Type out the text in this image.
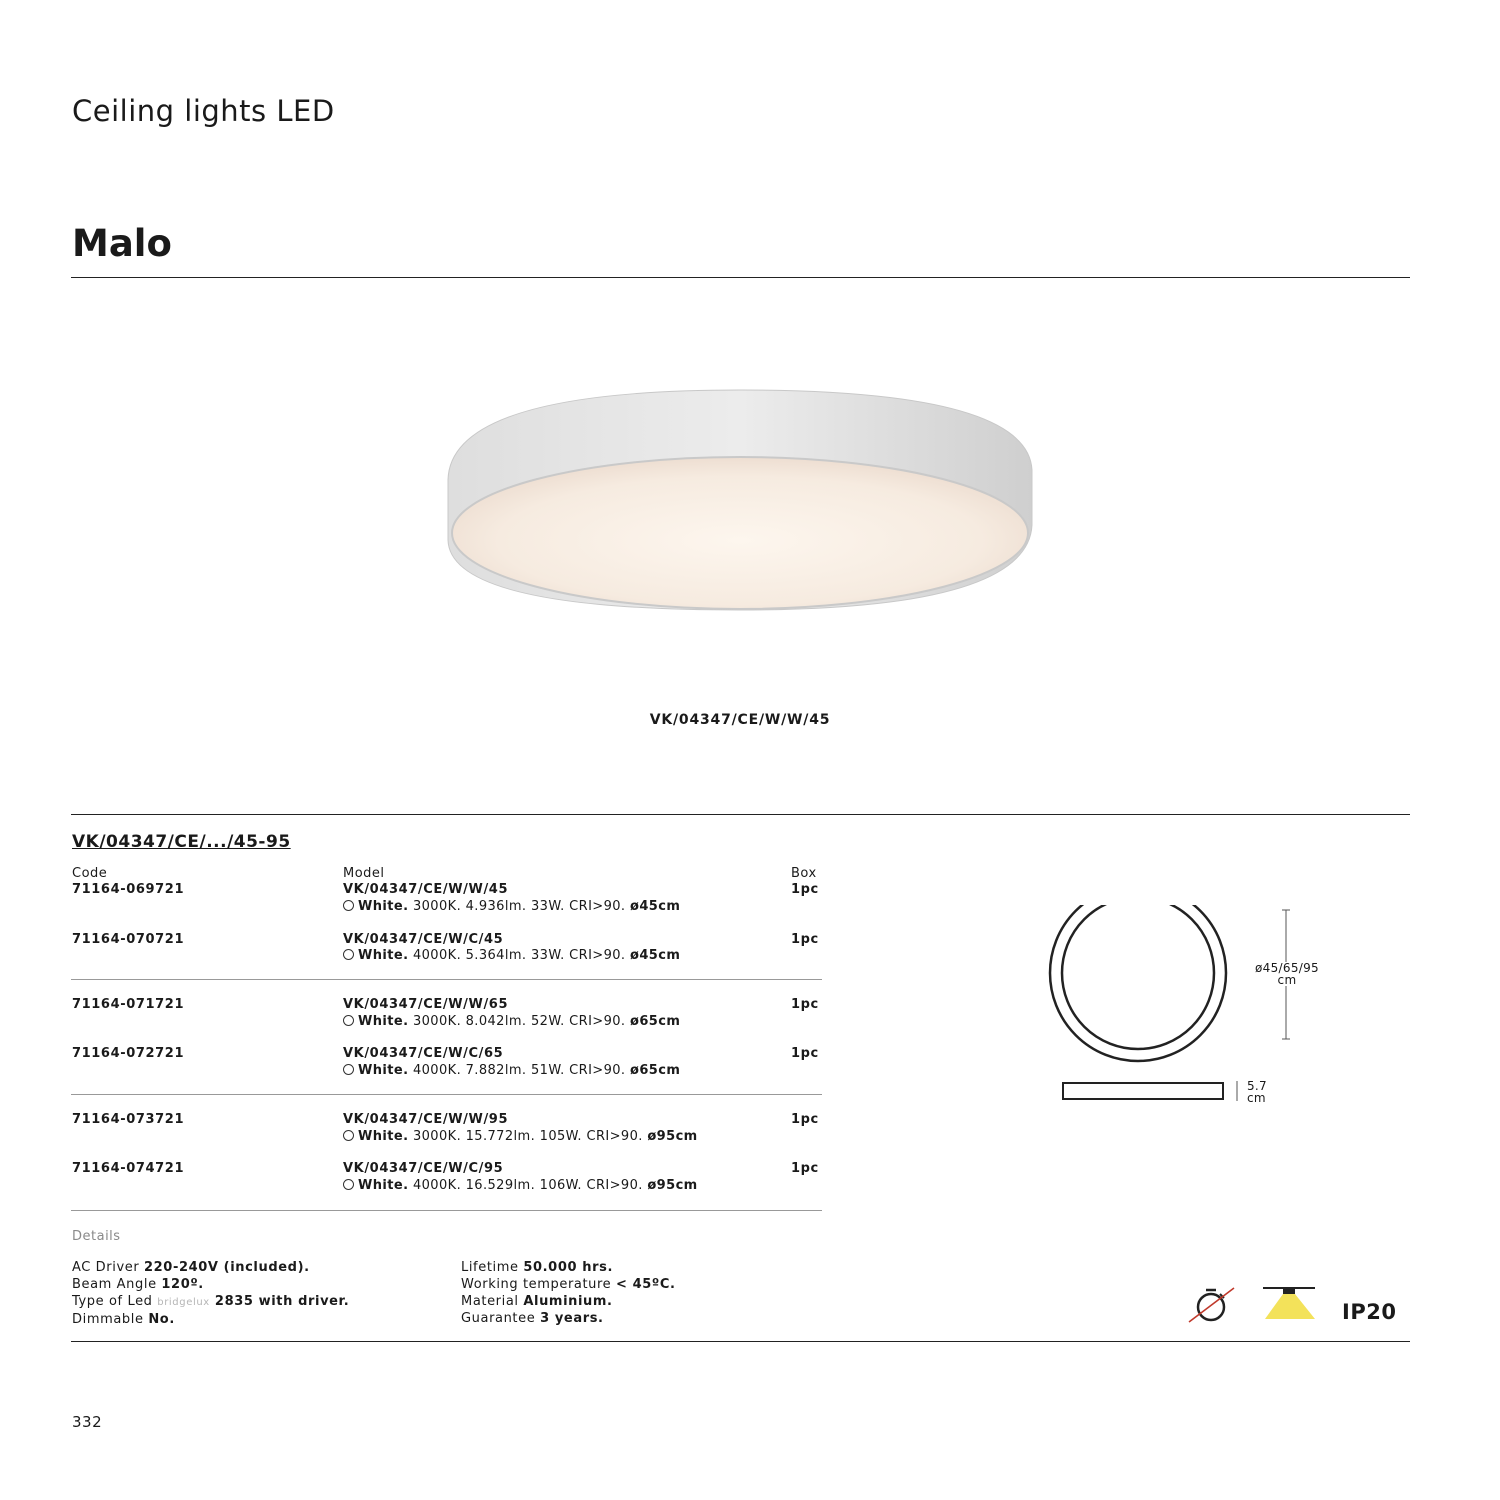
Ceiling lights LED
Malo
VK/04347/CE/W/W/45
VK/04347/CE/.../45-95
Code	Model	Box
71164-069721	VK/04347/CE/W/W/45	1pc
White. 3000K. 4.936lm. 33W. CRI>90. ø45cm
71164-070721	VK/04347/CE/W/C/45	1pc
White. 4000K. 5.364lm. 33W. CRI>90. ø45cm
71164-071721	VK/04347/CE/W/W/65	1pc
White. 3000K. 8.042lm. 52W. CRI>90. ø65cm
71164-072721	VK/04347/CE/W/C/65	1pc
White. 4000K. 7.882lm. 51W. CRI>90. ø65cm
71164-073721	VK/04347/CE/W/W/95	1pc
White. 3000K. 15.772lm. 105W. CRI>90. ø95cm
71164-074721	VK/04347/CE/W/C/95	1pc
White. 4000K. 16.529lm. 106W. CRI>90. ø95cm
ø45/65/95
cm
5.7
cm
Details
AC Driver 220-240V (included).
Beam Angle 120º.
Type of Led bridgelux 2835 with driver.
Dimmable No.
Lifetime 50.000 hrs.
Working temperature < 45ºC.
Material Aluminium.
Guarantee 3 years.	IP20
332
